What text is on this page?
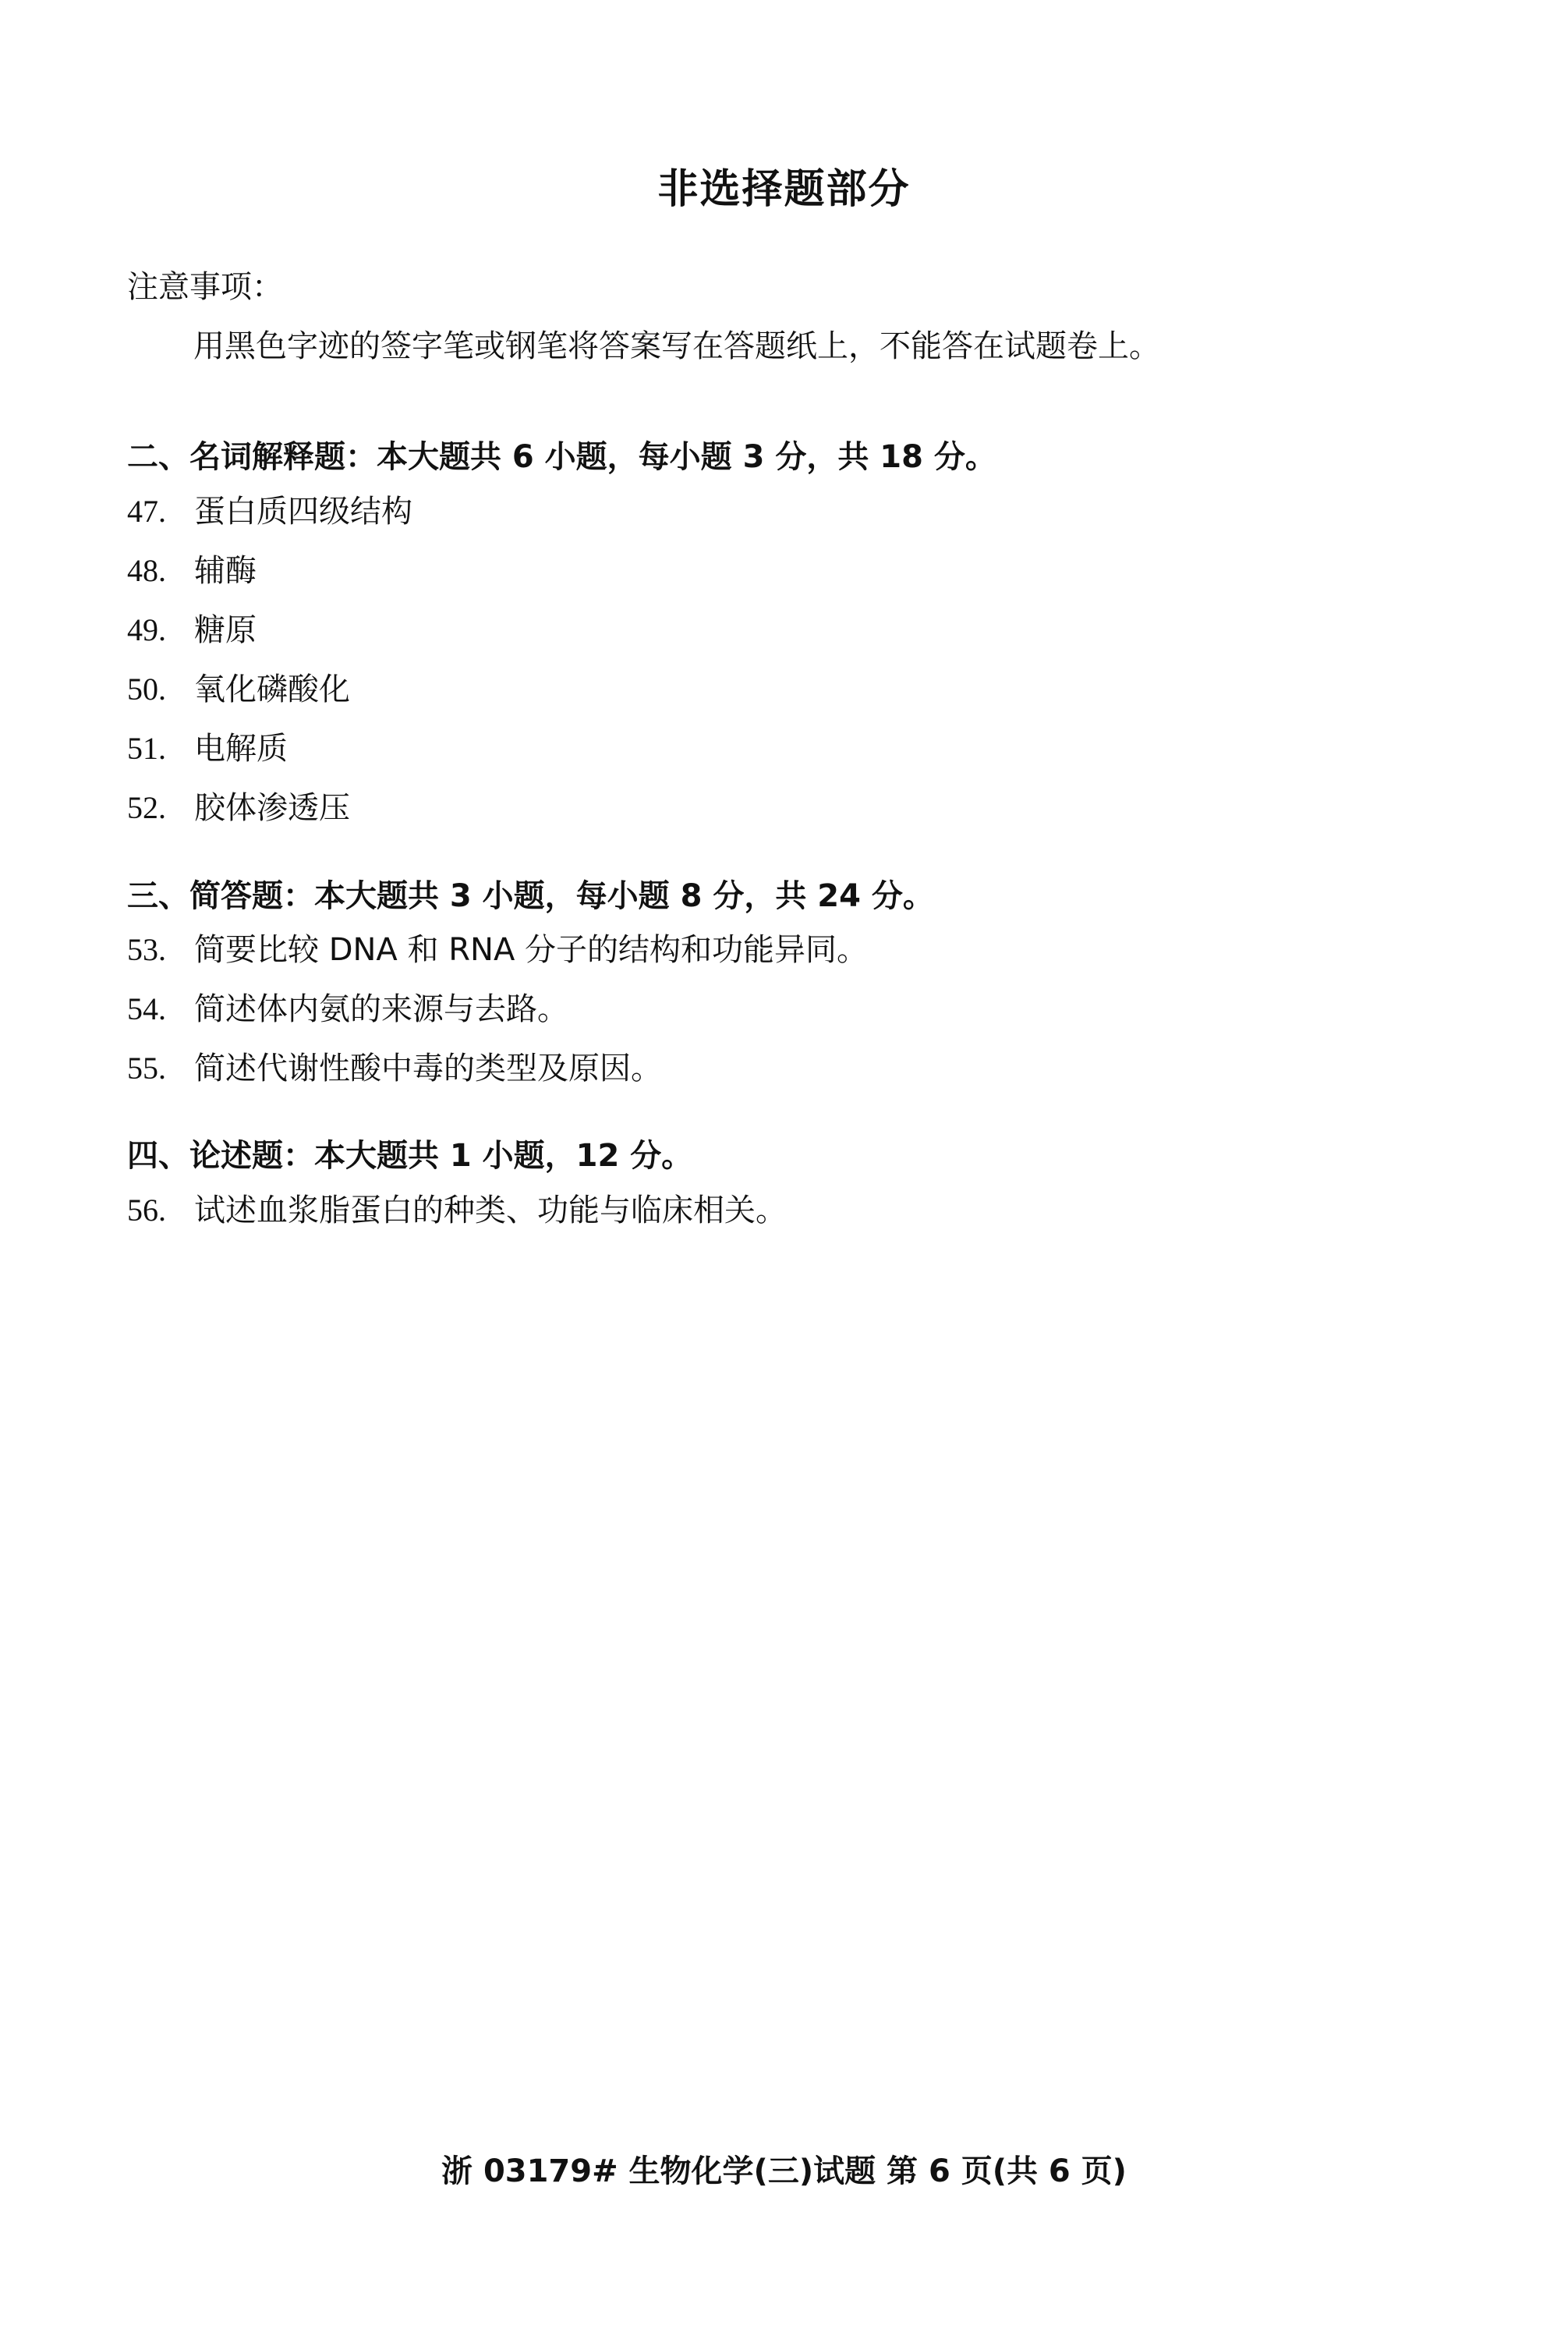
非选择题部分
注意事项：
用黑色字迹的签字笔或钢笔将答案写在答题纸上，不能答在试题卷上。
二、名词解释题：本大题共 6 小题，每小题 3 分，共 18 分。
47. 蛋白质四级结构
48. 辅酶
49. 糖原
50. 氧化磷酸化
51. 电解质
52. 胶体渗透压
三、简答题：本大题共 3 小题，每小题 8 分，共 24 分。
53. 简要比较 DNA 和 RNA 分子的结构和功能异同。
54. 简述体内氨的来源与去路。
55. 简述代谢性酸中毒的类型及原因。
四、论述题：本大题共 1 小题，12 分。
56. 试述血浆脂蛋白的种类、功能与临床相关。
浙 03179# 生物化学(三)试题 第 6 页(共 6 页)
